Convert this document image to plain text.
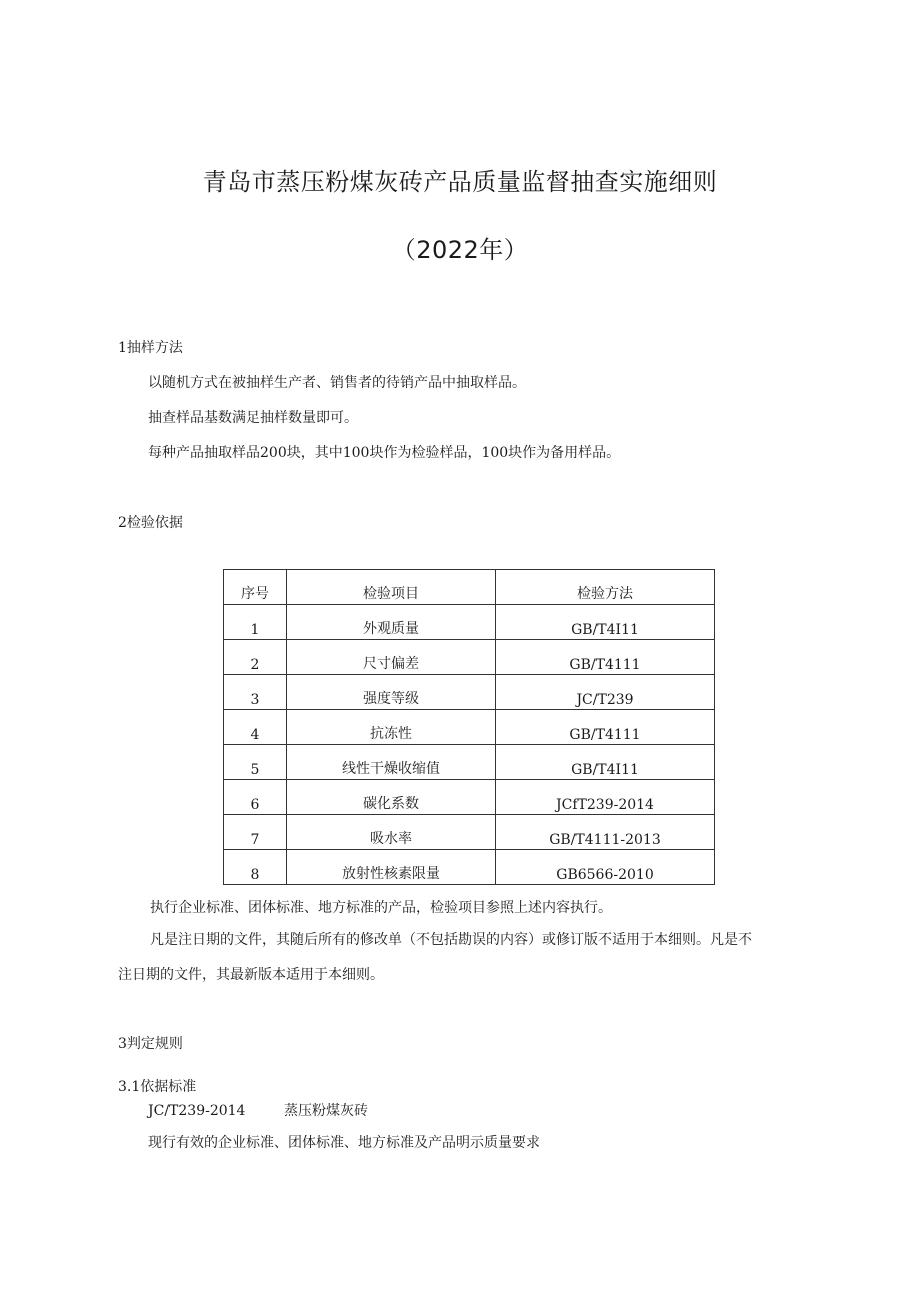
青岛市蒸压粉煤灰砖产品质量监督抽查实施细则
（2022年）
1抽样方法
以随机方式在被抽样生产者、销售者的待销产品中抽取样品。
抽查样品基数满足抽样数量即可。
每种产品抽取样品200块，其中100块作为检验样品，100块作为备用样品。
2检验依据
序号	检验项目	检验方法

1	外观质量	GB/T4I11

2	尺寸偏差	GB/T4111

3	强度等级	JC/T239

4	抗冻性	GB/T4111

5	线性干燥收缩值	GB/T4I11

6	碳化系数	JCfT239-2014

7	吸水率	GB/T4111-2013

8	放射性核素限量	GB6566-2010
执行企业标准、团体标准、地方标准的产品，检验项目参照上述内容执行。
凡是注日期的文件，其随后所有的修改单（不包括勘误的内容）或修订版不适用于本细则。凡是不
注日期的文件，其最新版本适用于本细则。
3判定规则
3.1依据标准
JC/T239-2014	蒸压粉煤灰砖
现行有效的企业标准、团体标准、地方标准及产品明示质量要求
